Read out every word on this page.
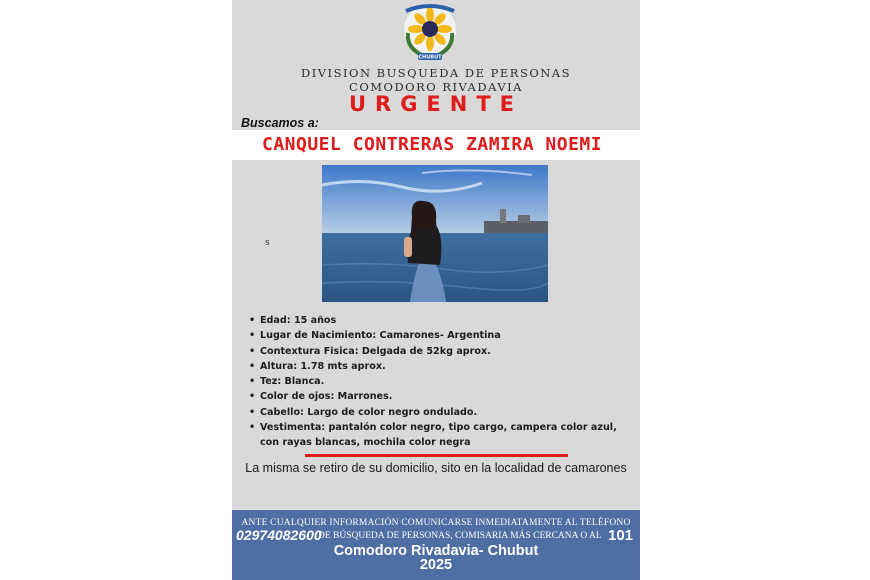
CHUBUT
DIVISION BUSQUEDA DE PERSONAS
COMODORO RIVADAVIA
URGENTE
Buscamos a:
CANQUEL CONTRERAS ZAMIRA NOEMI
s
• Edad: 15 años
• Lugar de Nacimiento: Camarones- Argentina
• Contextura Fisica: Delgada de 52kg aprox.
• Altura: 1.78 mts aprox.
• Tez: Blanca.
• Color de ojos: Marrones.
• Cabello: Largo de color negro ondulado.
• Vestimenta: pantalón color negro, tipo cargo, campera color azul, con rayas blancas, mochila color negra
La misma se retiro de su domicilio, sito en la localidad de camarones
ANTE CUALQUIER INFORMACIÓN COMUNICARSE INMEDIATAMENTE AL TELÉFONO
02974082600
DE BÚSQUEDA DE PERSONAS, COMISARIA MÁS CERCANA O AL 101
Comodoro Rivadavia- Chubut
2025
